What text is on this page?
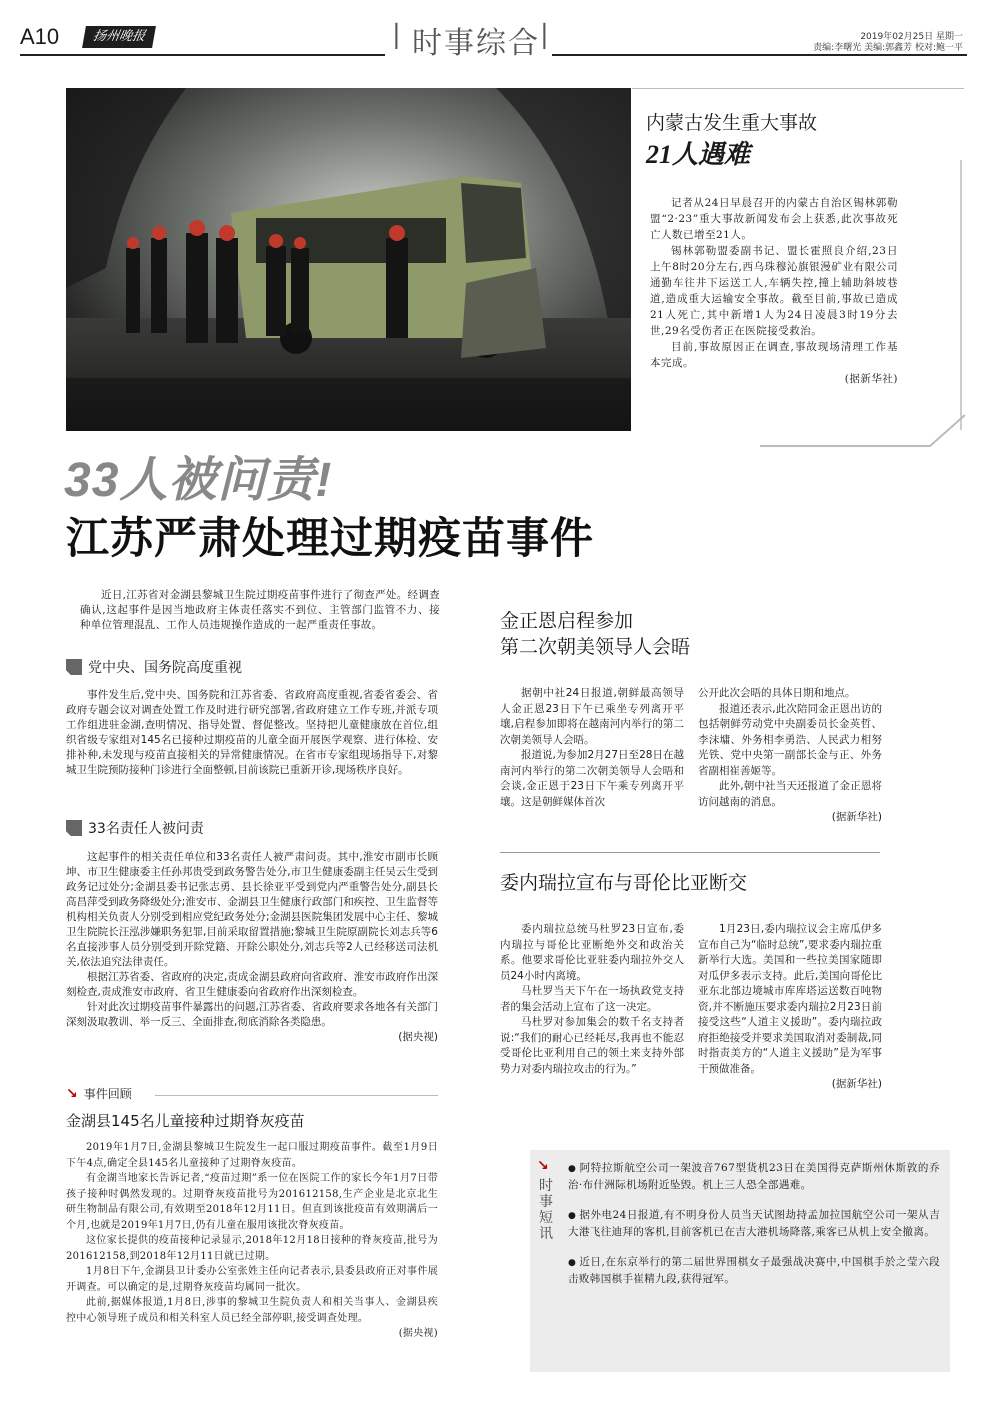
A10	扬州晚报	| 时事综合 |	2019年02月25日 星期一
责编:李曙光 美编:郭鑫芳 校对:鲍一平
内蒙古发生重大事故
21人遇难

记者从24日早晨召开的内蒙古自治区锡林郭勒盟“2·23”重大事故新闻发布会上获悉,此次事故死亡人数已增至21人。

锡林郭勒盟委副书记、盟长霍照良介绍,23日上午8时20分左右,西乌珠穆沁旗银漫矿业有限公司通勤车往井下运送工人,车辆失控,撞上辅助斜坡巷道,造成重大运输安全事故。截至目前,事故已造成21人死亡,其中新增1人为24日凌晨3时19分去世,29名受伤者正在医院接受救治。

目前,事故原因正在调查,事故现场清理工作基本完成。

(据新华社)
33人被问责!
江苏严肃处理过期疫苗事件

近日,江苏省对金湖县黎城卫生院过期疫苗事件进行了彻查严处。经调查确认,这起事件是因当地政府主体责任落实不到位、主管部门监管不力、接种单位管理混乱、工作人员违规操作造成的一起严重责任事故。

党中央、国务院高度重视

事件发生后,党中央、国务院和江苏省委、省政府高度重视,省委省委会、省政府专题会议对调查处置工作及时进行研究部署,省政府建立工作专班,并派专项工作组进驻金湖,查明情况、指导处置、督促整改。坚持把儿童健康放在首位,组织省级专家组对145名已接种过期疫苗的儿童全面开展医学观察、进行体检、安排补种,未发现与疫苗直接相关的异常健康情况。在省市专家组现场指导下,对黎城卫生院预防接种门诊进行全面整顿,目前该院已重新开诊,现场秩序良好。

33名责任人被问责

这起事件的相关责任单位和33名责任人被严肃问责。其中,淮安市副市长顾坤、市卫生健康委主任孙邦贵受到政务警告处分,市卫生健康委副主任吴云生受到政务记过处分;金湖县委书记张志勇、县长徐亚平受到党内严重警告处分,副县长高昌萍受到政务降级处分;淮安市、金湖县卫生健康行政部门和疾控、卫生监督等机构相关负责人分别受到相应党纪政务处分;金湖县医院集团发展中心主任、黎城卫生院院长汪泓涉嫌职务犯罪,目前采取留置措施;黎城卫生院原副院长刘志兵等6名直接涉事人员分别受到开除党籍、开除公职处分,刘志兵等2人已经移送司法机关,依法追究法律责任。

根据江苏省委、省政府的决定,责成金湖县政府向省政府、淮安市政府作出深刻检查,责成淮安市政府、省卫生健康委向省政府作出深刻检查。

针对此次过期疫苗事件暴露出的问题,江苏省委、省政府要求各地各有关部门深刻汲取教训、举一反三、全面排查,彻底消除各类隐患。

(据央视)
↘ 事件回顾
金湖县145名儿童接种过期脊灰疫苗

2019年1月7日,金湖县黎城卫生院发生一起口服过期疫苗事件。截至1月9日下午4点,确定全县145名儿童接种了过期脊灰疫苗。

有金湖当地家长告诉记者,“疫苗过期”系一位在医院工作的家长今年1月7日带孩子接种时偶然发现的。过期脊灰疫苗批号为201612158,生产企业是北京北生研生物制品有限公司,有效期至2018年12月11日。但直到该批疫苗有效期满后一个月,也就是2019年1月7日,仍有儿童在服用该批次脊灰疫苗。

这位家长提供的疫苗接种记录显示,2018年12月18日接种的脊灰疫苗,批号为201612158,到2018年12月11日就已过期。

1月8日下午,金湖县卫计委办公室张姓主任向记者表示,县委县政府正对事件展开调查。可以确定的是,过期脊灰疫苗均属同一批次。

此前,据媒体报道,1月8日,涉事的黎城卫生院负责人和相关当事人、金湖县疾控中心领导班子成员和相关科室人员已经全部停职,接受调查处理。

(据央视)
金正恩启程参加
第二次朝美领导人会晤

据朝中社24日报道,朝鲜最高领导人金正恩23日下午已乘坐专列离开平壤,启程参加即将在越南河内举行的第二次朝美领导人会晤。

报道说,为参加2月27日至28日在越南河内举行的第二次朝美领导人会晤和会谈,金正恩于23日下午乘专列离开平壤。这是朝鲜媒体首次

公开此次会晤的具体日期和地点。

报道还表示,此次陪同金正恩出访的包括朝鲜劳动党中央副委员长金英哲、李沫墉、外务相李勇浩、人民武力相努光铁、党中央第一副部长金与正、外务省副相崔善姬等。

此外,朝中社当天还报道了金正恩将访问越南的消息。

(据新华社)
委内瑞拉宣布与哥伦比亚断交

委内瑞拉总统马杜罗23日宣布,委内瑞拉与哥伦比亚断绝外交和政治关系。他要求哥伦比亚驻委内瑞拉外交人员24小时内离境。

马杜罗当天下午在一场执政党支持者的集会活动上宣布了这一决定。

马杜罗对参加集会的数千名支持者说:“我们的耐心已经耗尽,我再也不能忍受哥伦比亚利用自己的领土来支持外部势力对委内瑞拉攻击的行为。”

1月23日,委内瑞拉议会主席瓜伊多宣布自己为“临时总统”,要求委内瑞拉重新举行大选。美国和一些拉美国家随即对瓜伊多表示支持。此后,美国向哥伦比亚东北部边境城市库库塔运送数百吨物资,并不断施压要求委内瑞拉2月23日前接受这些“人道主义援助”。委内瑞拉政府拒绝接受并要求美国取消对委制裁,同时指责美方的“人道主义援助”是为军事干预做准备。

(据新华社)
↘
时事短讯

● 阿特拉斯航空公司一架波音767型货机23日在美国得克萨斯州休斯敦的乔治·布什洲际机场附近坠毁。机上三人恐全部遇难。

● 据外电24日报道,有不明身份人员当天试图劫持孟加拉国航空公司一架从吉大港飞往迪拜的客机,目前客机已在吉大港机场降落,乘客已从机上安全撤离。

● 近日,在东京举行的第二届世界围棋女子最强战决赛中,中国棋手於之莹六段击败韩国棋手崔精九段,获得冠军。
